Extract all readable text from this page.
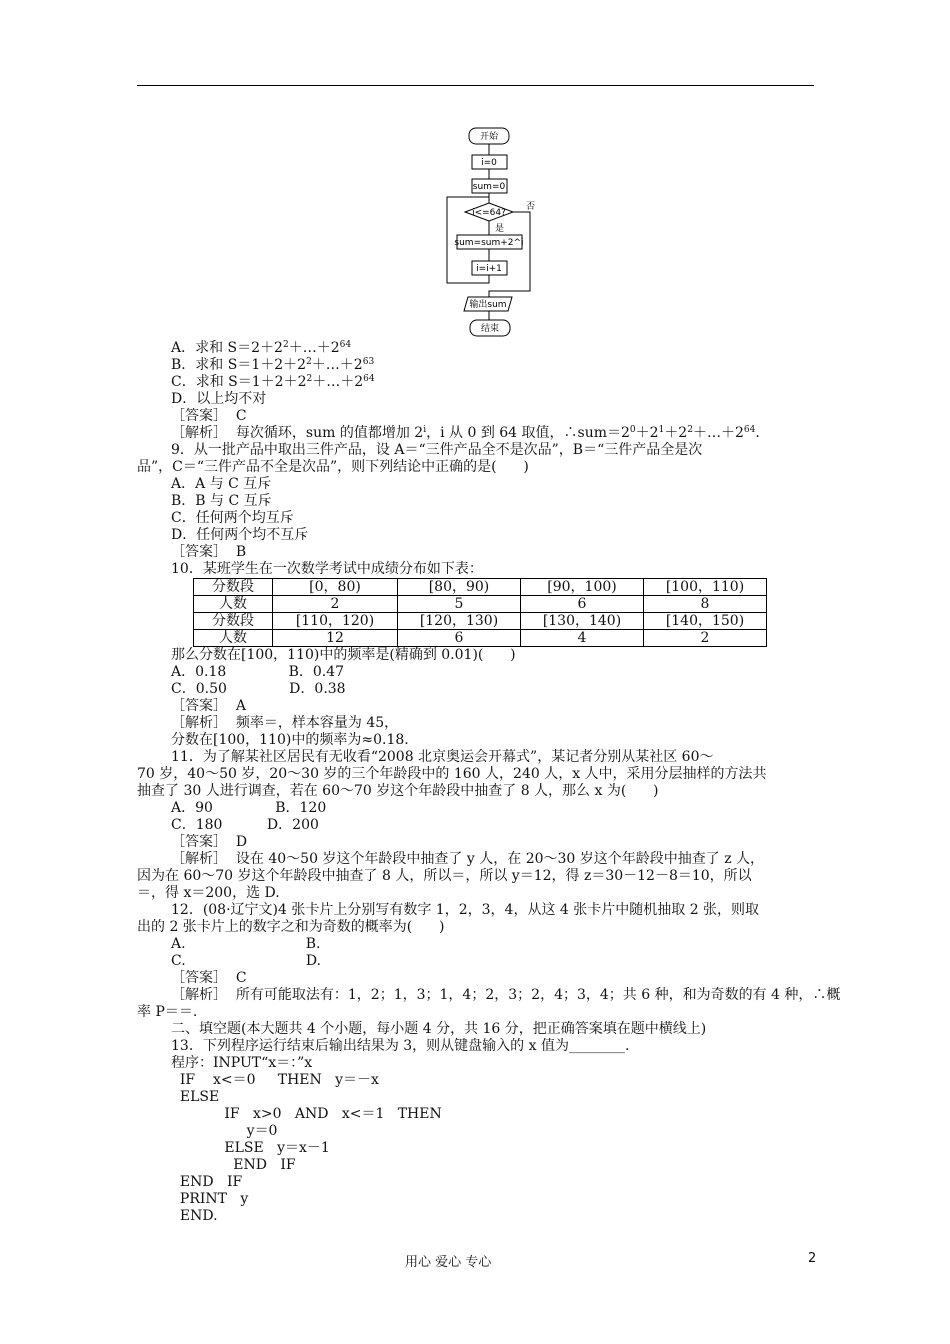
开始
i=0
sum=0
i<=64?
否
是
sum=sum+2^i
i=i+1
输出sum
结束
A．求和 $S=2+2^2+\dots+2^{64}$
B．求和 $S=1+2+2^2+\dots+2^{63}$
C．求和 $S=1+2+2^2+\dots+2^{64}$
D．以上均不对
［答案］  C
［解析］  每次循环，sum 的值都增加 2$^i$，i 从 0 到 64 取值，$\therefore sum=2^0+2^1+2^2+\dots+2^{64}$.
9．从一批产品中取出三件产品，设 A＝“三件产品全不是次品”，B＝“三件产品全是次
品”，C＝“三件产品不全是次品”，则下列结论中正确的是(      )
A．A 与 C 互斥
B．B 与 C 互斥
C．任何两个均互斥
D．任何两个均不互斥
［答案］  B
10．某班学生在一次数学考试中成绩分布如下表：
分数段	[0，80)	[80，90)	[90，100)	[100，110)
人数	2	5	6	8
分数段	[110，120)	[120，130)	[130，140)	[140，150)
人数	12	6	4	2
那么分数在[100，110)中的频率是(精确到 0.01)(      )
A．0.18              B．0.47
C．0.50              D．0.38
［答案］  A
［解析］  频率＝，样本容量为 45，
分数在[100，110)中的频率为≈0.18.
11．为了解某社区居民有无收看“2008 北京奥运会开幕式”，某记者分别从某社区 60～
70 岁，40～50 岁，20～30 岁的三个年龄段中的 160 人，240 人，x 人中，采用分层抽样的方法共
抽查了 30 人进行调查，若在 60～70 岁这个年龄段中抽查了 8 人，那么 x 为(      )
A．90              B．120
C．180          D．200
［答案］  D
［解析］  设在 40～50 岁这个年龄段中抽查了 y 人，在 20～30 岁这个年龄段中抽查了 z 人，
因为在 60～70 岁这个年龄段中抽查了 8 人，所以＝，所以 y＝12，得 z＝30－12－8＝10，所以
＝，得 x＝200，选 D.
12．(08·辽宁文)4 张卡片上分别写有数字 1，2，3，4，从这 4 张卡片中随机抽取 2 张，则取
出的 2 张卡片上的数字之和为奇数的概率为(      )
A.                           B.
C.                           D.
［答案］  C
［解析］  所有可能取法有：1，2；1，3；1，4；2，3；2，4；3，4；共 6 种，和为奇数的有 4 种，∴概
率 P＝＝.
二、填空题(本大题共 4 个小题，每小题 4 分，共 16 分，把正确答案填在题中横线上)
13．下列程序运行结束后输出结果为 3，则从键盘输入的 x 值为________.
程序：INPUT“x＝：”x
IF    x<＝0     THEN   y＝－x
ELSE
IF   x>0   AND   x<＝1   THEN
y＝0
ELSE   y＝x－1
END   IF
END   IF
PRINT   y
END.
用心 爱心 专心	2
